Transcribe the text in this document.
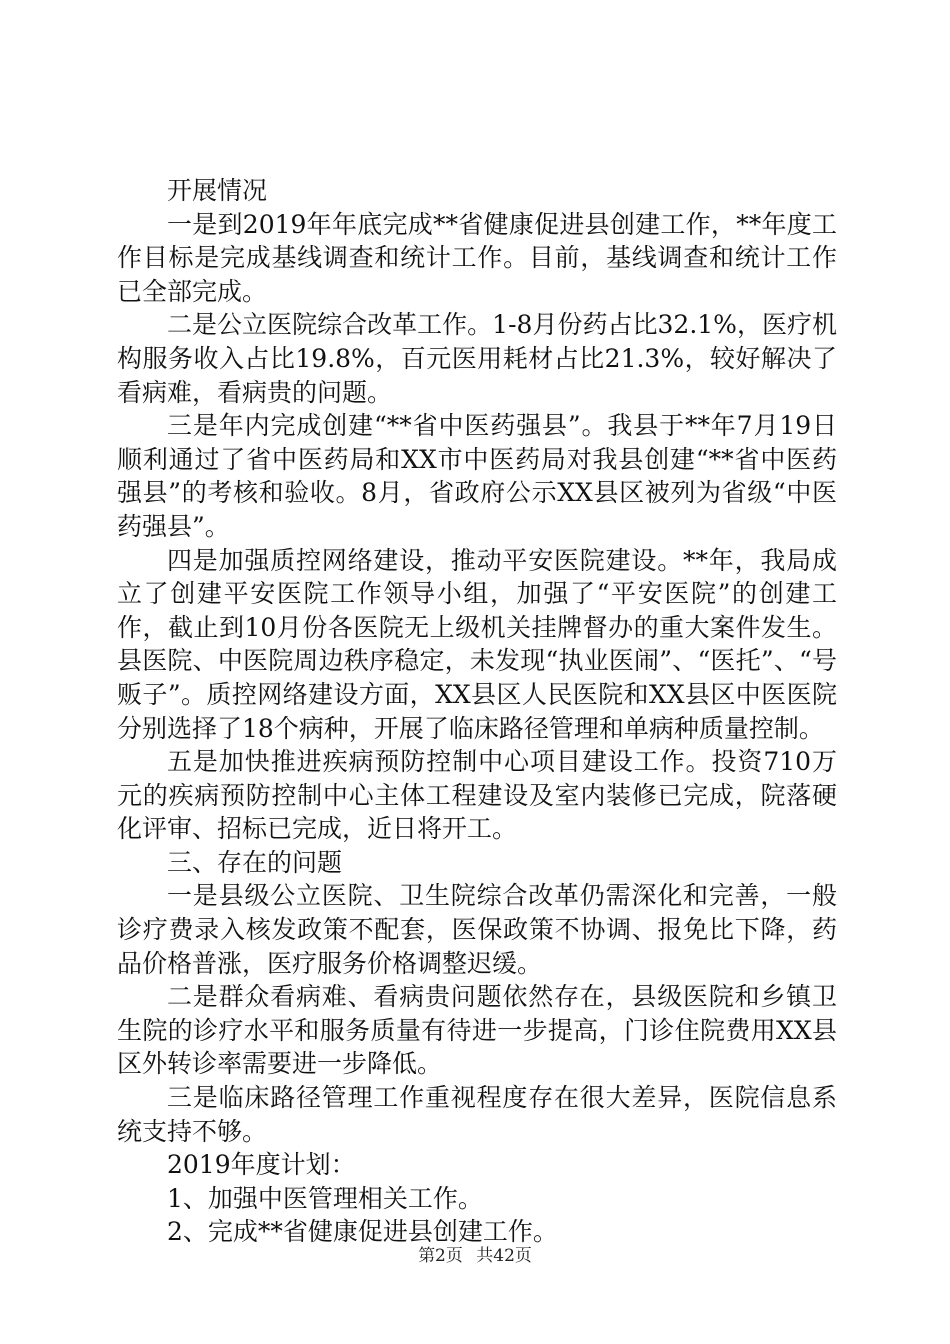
开展情况

一是到2019年年底完成**省健康促进县创建工作，**年度工作目标是完成基线调查和统计工作。目前，基线调查和统计工作已全部完成。

二是公立医院综合改革工作。1-8月份药占比32.1%，医疗机构服务收入占比19.8%，百元医用耗材占比21.3%，较好解决了看病难，看病贵的问题。

三是年内完成创建“**省中医药强县”。我县于**年7月19日顺利通过了省中医药局和XX市中医药局对我县创建“**省中医药强县”的考核和验收。8月，省政府公示XX县区被列为省级“中医药强县”。

四是加强质控网络建设，推动平安医院建设。**年，我局成立了创建平安医院工作领导小组，加强了“平安医院”的创建工作，截止到10月份各医院无上级机关挂牌督办的重大案件发生。县医院、中医院周边秩序稳定，未发现“执业医闹”、“医托”、“号贩子”。质控网络建设方面，XX县区人民医院和XX县区中医医院分别选择了18个病种，开展了临床路径管理和单病种质量控制。

五是加快推进疾病预防控制中心项目建设工作。投资710万元的疾病预防控制中心主体工程建设及室内装修已完成，院落硬化评审、招标已完成，近日将开工。

三、存在的问题

一是县级公立医院、卫生院综合改革仍需深化和完善，一般诊疗费录入核发政策不配套，医保政策不协调、报免比下降，药品价格普涨，医疗服务价格调整迟缓。

二是群众看病难、看病贵问题依然存在，县级医院和乡镇卫生院的诊疗水平和服务质量有待进一步提高，门诊住院费用XX县区外转诊率需要进一步降低。

三是临床路径管理工作重视程度存在很大差异，医院信息系统支持不够。

2019年度计划：

1、加强中医管理相关工作。

2、完成**省健康促进县创建工作。

第2页 共42页
